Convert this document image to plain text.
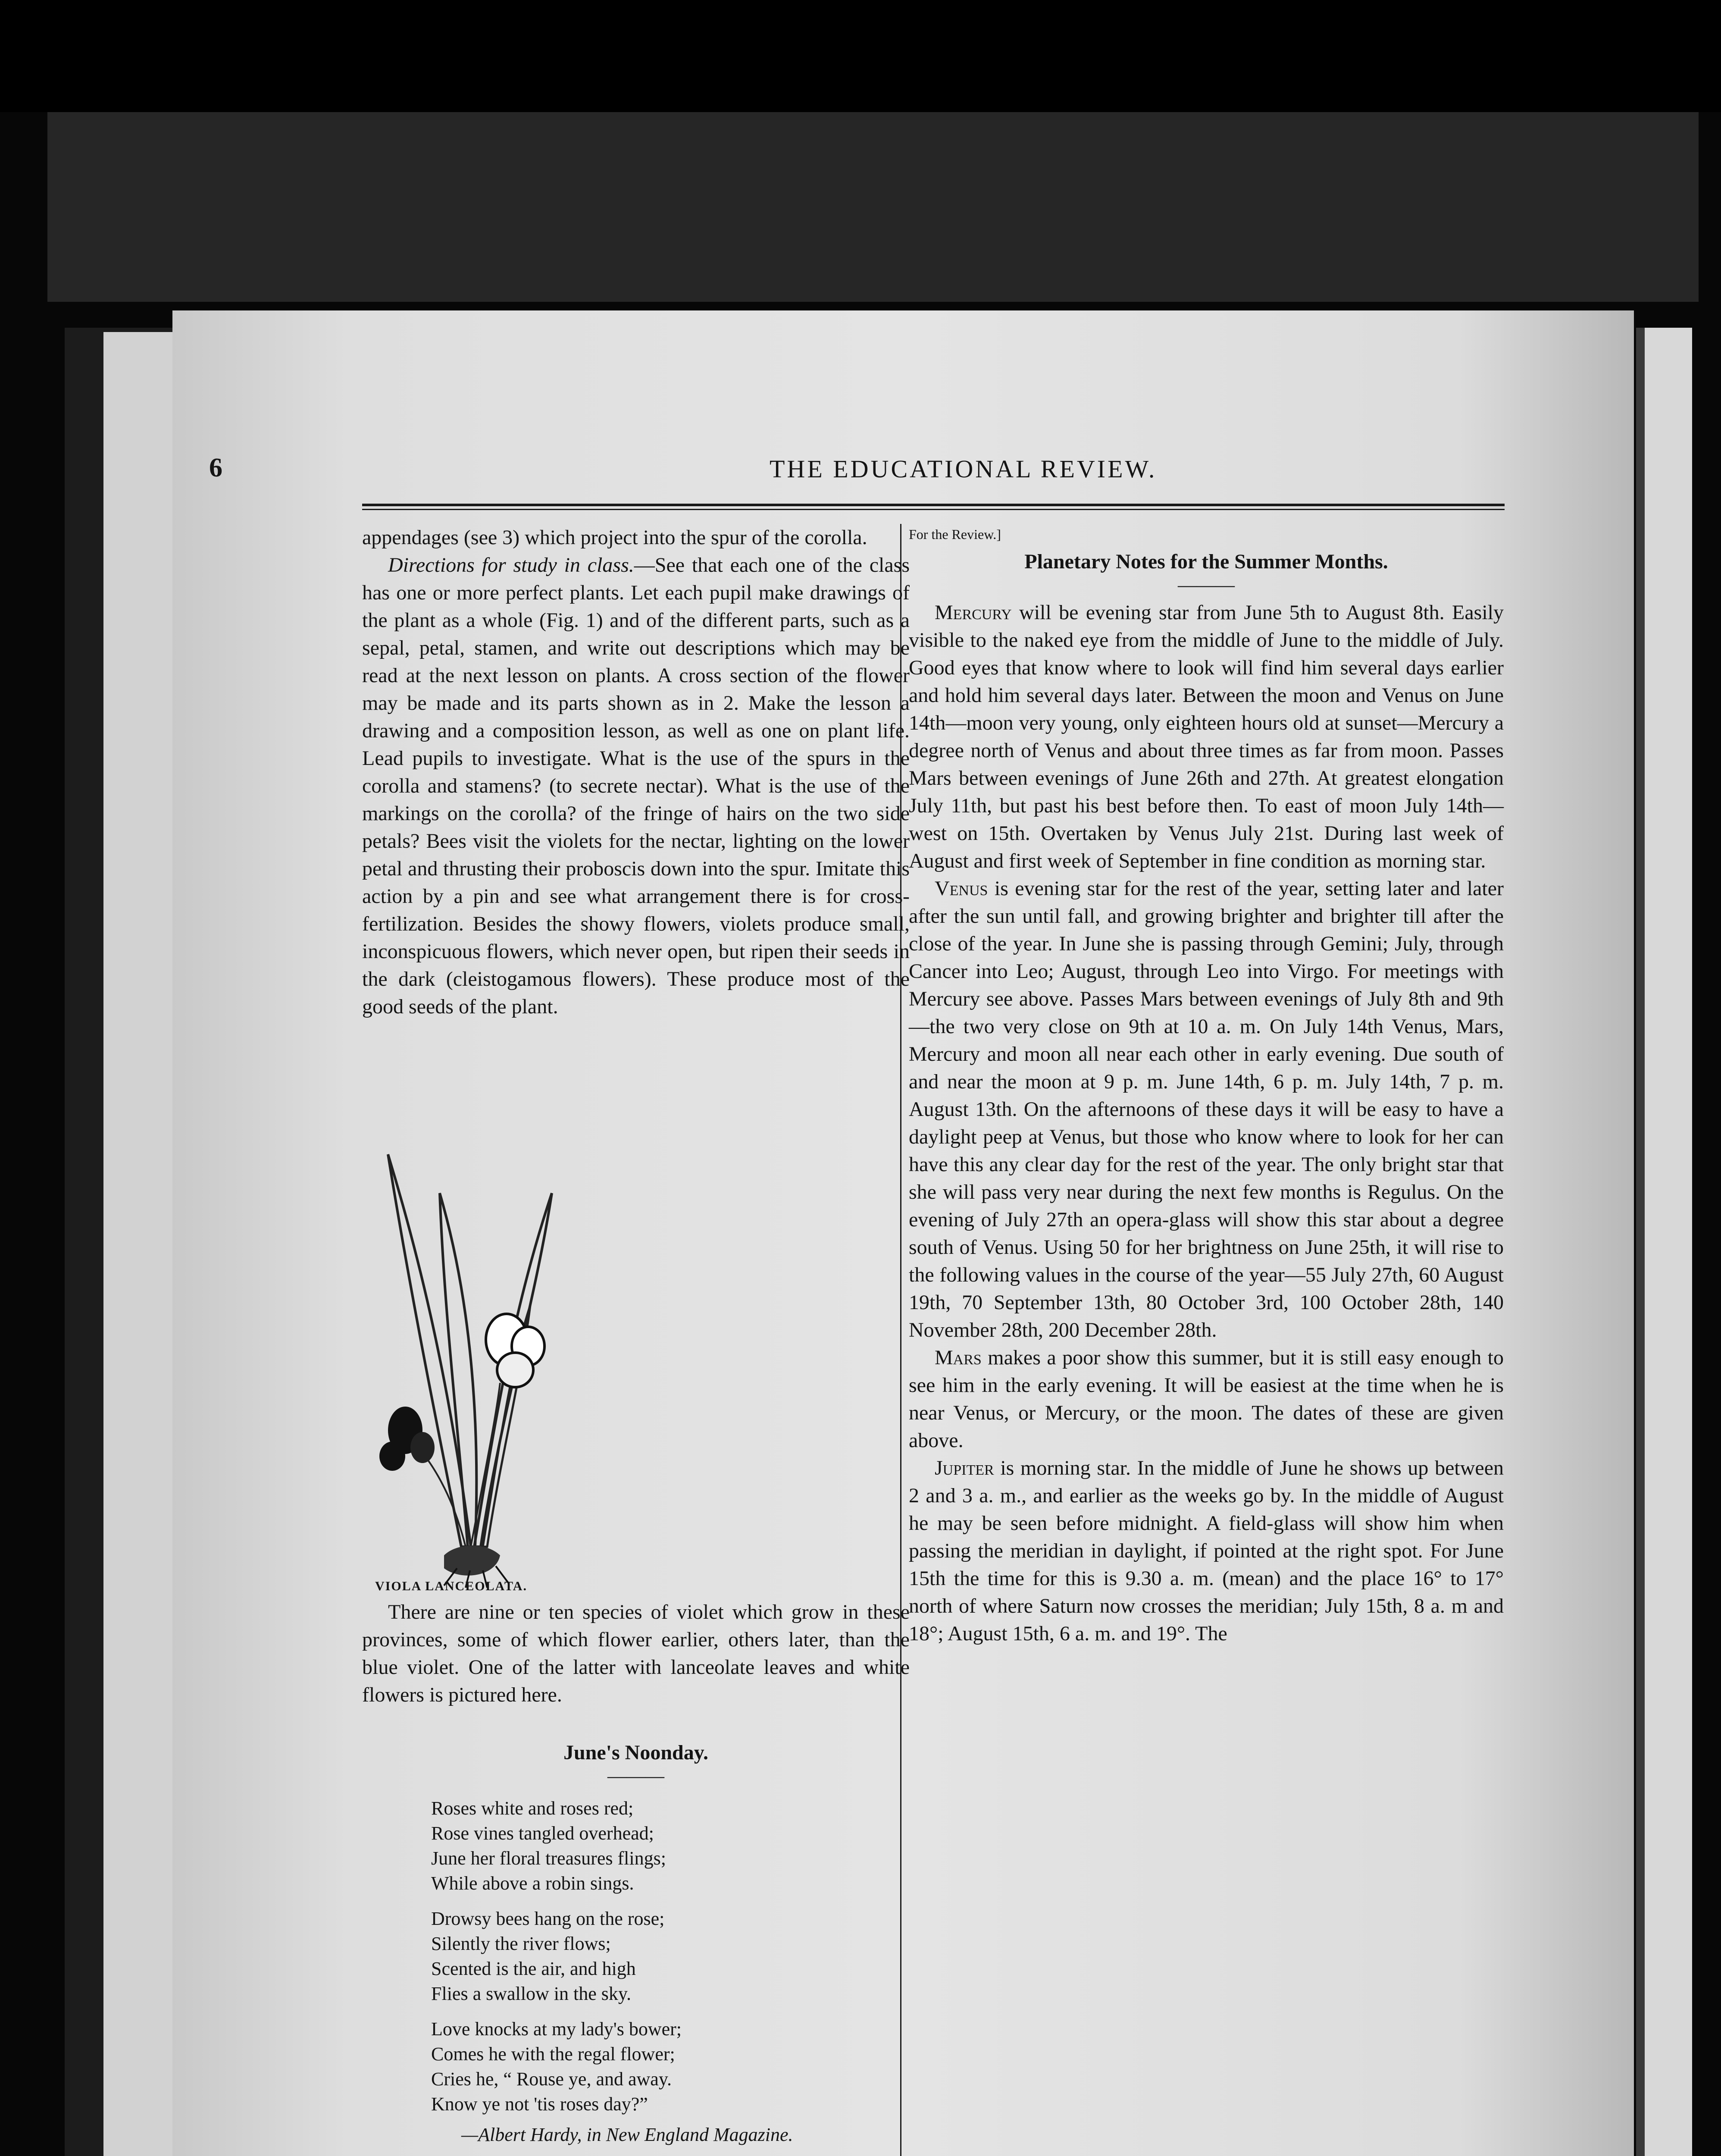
6	THE EDUCATIONAL REVIEW.

appendages (see 3) which project into the spur of the corolla.

Directions for study in class.—See that each one of the class has one or more perfect plants. Let each pupil make drawings of the plant as a whole (Fig. 1) and of the different parts, such as a sepal, petal, stamen, and write out descriptions which may be read at the next lesson on plants. A cross section of the flower may be made and its parts shown as in 2. Make the lesson a drawing and a composition lesson, as well as one on plant life. Lead pupils to investigate. What is the use of the spurs in the corolla and stamens? (to secrete nectar). What is the use of the markings on the corolla? of the fringe of hairs on the two side petals? Bees visit the violets for the nectar, lighting on the lower petal and thrusting their proboscis down into the spur. Imitate this action by a pin and see what arrangement there is for cross-fertilization. Besides the showy flowers, violets produce small, inconspicuous flowers, which never open, but ripen their seeds in the dark (cleistogamous flowers). These produce most of the good seeds of the plant.

VIOLA LANCEOLATA.

There are nine or ten species of violet which grow in these provinces, some of which flower earlier, others later, than the blue violet. One of the latter with lanceolate leaves and white flowers is pictured here.

June's Noonday.
———
Roses white and roses red;
Rose vines tangled overhead;
June her floral treasures flings;
While above a robin sings.
Drowsy bees hang on the rose;
Silently the river flows;
Scented is the air, and high
Flies a swallow in the sky.
Love knocks at my lady's bower;
Comes he with the regal flower;
Cries he, “ Rouse ye, and away.
Know ye not 'tis roses day?”
—Albert Hardy, in New England Magazine.
For the Review.]
Planetary Notes for the Summer Months.
———

Mercury will be evening star from June 5th to August 8th. Easily visible to the naked eye from the middle of June to the middle of July. Good eyes that know where to look will find him several days earlier and hold him several days later. Between the moon and Venus on June 14th—moon very young, only eighteen hours old at sunset—Mercury a degree north of Venus and about three times as far from moon. Passes Mars between evenings of June 26th and 27th. At greatest elongation July 11th, but past his best before then. To east of moon July 14th—west on 15th. Overtaken by Venus July 21st. During last week of August and first week of September in fine condition as morning star.

Venus is evening star for the rest of the year, setting later and later after the sun until fall, and growing brighter and brighter till after the close of the year. In June she is passing through Gemini; July, through Cancer into Leo; August, through Leo into Virgo. For meetings with Mercury see above. Passes Mars between evenings of July 8th and 9th—the two very close on 9th at 10 a. m. On July 14th Venus, Mars, Mercury and moon all near each other in early evening. Due south of and near the moon at 9 p. m. June 14th, 6 p. m. July 14th, 7 p. m. August 13th. On the afternoons of these days it will be easy to have a daylight peep at Venus, but those who know where to look for her can have this any clear day for the rest of the year. The only bright star that she will pass very near during the next few months is Regulus. On the evening of July 27th an opera-glass will show this star about a degree south of Venus. Using 50 for her brightness on June 25th, it will rise to the following values in the course of the year—55 July 27th, 60 August 19th, 70 September 13th, 80 October 3rd, 100 October 28th, 140 November 28th, 200 December 28th.

Mars makes a poor show this summer, but it is still easy enough to see him in the early evening. It will be easiest at the time when he is near Venus, or Mercury, or the moon. The dates of these are given above.

Jupiter is morning star. In the middle of June he shows up between 2 and 3 a. m., and earlier as the weeks go by. In the middle of August he may be seen before midnight. A field-glass will show him when passing the meridian in daylight, if pointed at the right spot. For June 15th the time for this is 9.30 a. m. (mean) and the place 16° to 17° north of where Saturn now crosses the meridian; July 15th, 8 a. m and 18°; August 15th, 6 a. m. and 19°. The
